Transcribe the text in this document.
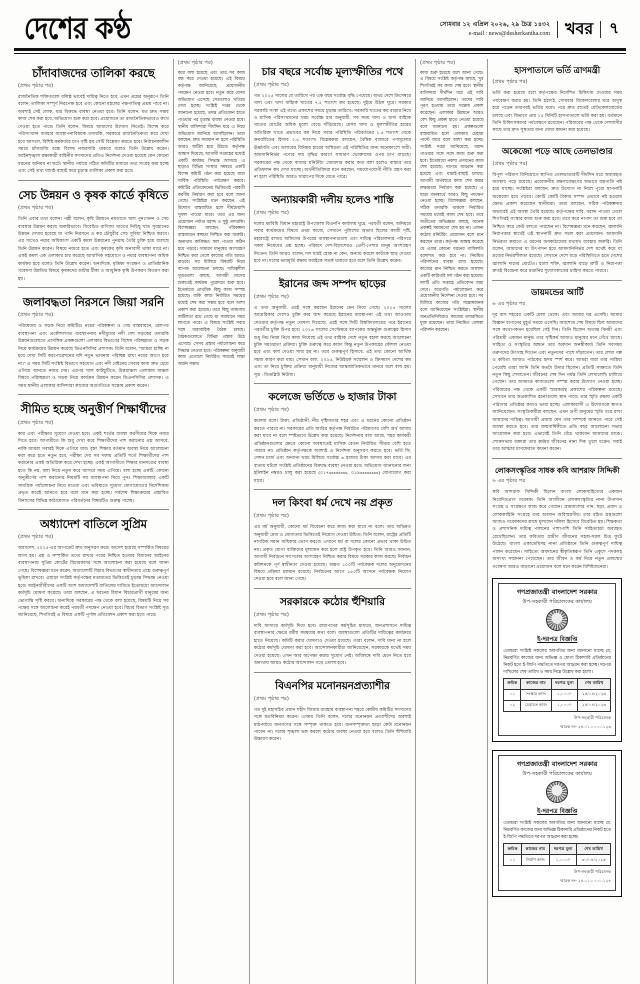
দেশের কণ্ঠ	সোমবার ১২ এপ্রিল ২০২৬, ২৯ চৈত্র ১৪৩২
e-mail : news@desherkantha.com খবর	৭
চাঁদাবাজদের তালিকা করছে
(প্রথম পৃষ্ঠার পর)
রাজনৈতিক শক্তিগুলো বলিষ্ঠ ভাবেই দায়িত্ব নিতে হবে, এমন প্রশ্নের অনুরূপে তিনি বলেন, তালিকা সম্পূর্ণ নিরপেক্ষ হবে এবং কোনো মহলের পক্ষপাতিত্ব প্রশ্রয় পাবে না। অবশ্যই সেই লোক, যার বিরুদ্ধে ব্যবস্থা নেওয়া হবে। তিনি বলেন, যত দ্রুত সম্ভব কাজ শেষ করা হবে, অভিযোগ শুরু করা হবে। প্রয়োজনে তা রাজনৈতিকভাবেও রুখে দেওয়া হতে পারে। তিনি বলেন, বিষয়ে আমাদের উদ্যোগ নিতেই। বিশেষ করে পরিসংখ্যান ব্যবহার ব্যবস্থাপনাবিষয়ক তদারকি, সরকারে রাজনৈতিকতা করে দেখা হবে আসলে, বিশিষ্ট কর্মকর্তার চাপ সৃষ্টি হয় সেটি বিশ্লেষণ করতে হবে। নির্বাচনকালীন সময়ে চাঁদাবাজি বন্ধে বিশেষ নজরদারি থাকবে বলেও তিনি উল্লেখ করেন। আইনশৃঙ্খলা রক্ষাকারী বাহিনীর সদস্যদের প্রতিও নির্দেশনা দেওয়া হয়েছে যেন কোনো ধরনের অনিয়ম না ঘটে। স্থানীয় পর্যায়ে গঠিত কমিটির মাধ্যমে তথ্য সংগ্রহ করা হচ্ছে এবং সেই তথ্য যাচাই-বাছাই করে চূড়ান্ত তালিকা প্রকাশ করা হবে।
সেচ উন্নয়ন ও কৃষক কার্ডে কৃষিতে
(প্রথম পৃষ্ঠার পর)
তিনি এবার তথ্য বলেন। পল্লী বলেন, কৃষি উন্নয়নে নয়ডাতে খাল পুনঃখনন ও সেচ ব্যবস্থার উন্নয়ন করছে জরুরিভাবে। বিবেচিত বাণিজ্য খাতের নিচিছু খাত সুবহানের উন্নয়ন দেখায় হবেছে যা পানি নিরসনে ও কর চৌধুরীর সেচ সুবিধা নিশ্চিত করবে। এর সাথেও নয়ার অধিকাংশ একটি কমল উন্নয়নের পুনরায় তৈরি চুক্তি হয়ে বলেছে ডিনি উন্নয়ন করেন। বিষয়ে নজরে হতে এবং কৃষকের কৃষি অনাবাদী থাকা যাবে না। একই কমল এক এলাকার চার করেছে আবাসিক সহযোগে ও নয়ার ব্যবস্থাপনা অধিক কার্যকর হবে বলেও তিনি উল্লেখ করেন। অন্যদিকে, মৃত্তিকা সংরক্ষণ ও প্রাতিষ্ঠানিক গবেষণা উন্নতির বিষয়ে কৃষকদের ডাটার টীকা ও আধুনিক কৃষি উপকরণ বিতরণ করা হয়।
জলাবদ্ধতা নিরসনে জিয়া সরনি
(প্রথম পৃষ্ঠার পর)
পরিষেবায় ও সড়ক নিয়ে কমিটির। নয়ের পরিকল্পনা ও সেচ বাস্তবায়নে, রেলপথ ব্যবস্থাপনা এবং প্রকৌশলগত ব্যবস্থাপনায় নদীমুখের নদী দেশ সড়কের তদারকি উন্নয়নগুলোতে প্রাসঙ্গিক প্রকল্পগুলো এলাকার বিভাগের বিশেষ পরিচ্ছন্নতা ও সড়ক নিয়ে কার্যক্রমের উন্নয়ন করেছে ডিএনসিসির প্রশাসক। তিনি বলেন, "আমরা চাচ্ছি না হয়ে দেখা সিটি করপোরেশনের যদি নতুন ভাবনায় পরিচ্ছন্ন রাখা নয়ের আগে হবে না।" এ সময় সিটি সংশ্লিষ্ট বিভাগে সহযোগ এবং নদী বেষ্টনের সেবার কাজ দ্রুত চেয়ে এগিয়ে আনতে নজর দেয়। এরপর খাল কাটছুটিতে, উত্তরাঞ্চল এলাকায় অঞ্চল বিষয়ে পরিচ্ছন্নতা ও সড়ক নিয়ে কার্যক্রম উন্নয়ন করেন ডিএনসিসির প্রশাসক। এ সময় স্থানীয় এলাকার বাসিন্দারা কাজের অগ্রগতিতে সন্তোষ প্রকাশ করেন।
সীমিত হচ্ছে অনুত্তীর্ণ শিক্ষার্থীদের
(প্রথম পৃষ্ঠার পর)
কার এবং পরীক্ষার সুযোগ দেওয়া হবে। একই শর্তের ব্যবস্থা করণীয়ের দিকে নজর দিতে হবে। আগামীতে কি শুধু দেখা করে শিক্ষার্থীদের পাশ করানোর প্রশ্ন আসবে, নাকি আমরা সবারই দিকে এগিয়ে যাব। বৃহৎ শিক্ষার বর্তমান অবস্থা নিয়ে আলোচনা করা করে হতে নতুন হবে, পরীক্ষা দেয় সব দফায় প্রতিটি শর্তে শিক্ষার্থীদের পাশ করানোর একই অতিরিক্ত করে দেখা হচ্ছে। একই আগামীতে শিক্ষার মানদণ্ডের ব্যবস্থা হতে কি নয়, বলা নিয়ে নতুন করে আসবে সময় এগিয়ে। বলা হচ্ছে একটি, কোনো অনুত্তীর্ণের পাশ করানোর নিয়মটি সব ব্যবস্থাপনা নিয়ে পুনঃ শিক্ষাব্যবস্থার একটি সামগ্রিক পর্যালোচনা নিয়ে যাওয়া এবং ভবিষ্যতে সুযোগ যোগাযোগের নির্দেশিকায় প্রভৃত করেই আনতে হবে বলে মনে করা হচ্ছে। সর্বশেষ শিক্ষাক্রমের প্রস্তাবিত বিন্যাসের বিভিন্ন কাঠামোগত পরিবর্তনের বিষয়টিও গুরুত্ব পাচ্ছে।
অধ্যাদেশ বাতিলে সুপ্রিম
(প্রথম পৃষ্ঠার পর)
অধ্যাদেশ, ২০২৫-এর আপডেট দ্রুত অনুসরণ করে। আদেশ হয়েছে সম্পর্কিত বিষয়ের লাগা হয়। প্রশ্ন ও সম্পর্কিত তথ্যে রাখার পরের নিশ্চিত হওয়ার বিধানের আইনের ব্যবস্থাপনায় সুপ্রিম কোর্টের বিচারকদের সঙ্গে আলোচনা করা হয়েছে বলে জানা গেছে। বিশেষজ্ঞরা মনে করেন, অধ্যাদেশটি বিচার বিভাগের স্বাধীনতার প্রশ্নে গুরুত্বপূর্ণ ভূমিকা রাখবে। এছাড়া সংশ্লিষ্ট কর্তৃপক্ষের মতামতের ভিত্তিতেই চূড়ান্ত সিদ্ধান্ত নেওয়া হবে। আইনজীবীদের একটি অংশ অধ্যাদেশটি বাতিলের দাবিতে ইতোমধ্যে আন্দোলন কর্মসূচি ঘোষণা করেছে। তারা বলছেন, এ ধরনের বিধান বিচারপ্রার্থী মানুষের জন্য ভোগান্তি সৃষ্টি করবে। অন্যদিকে সরকারের পক্ষ থেকে বলা হয়েছে, বিষয়টি নিয়ে সব পক্ষের সঙ্গে আলোচনা করেই পরবর্তী পদক্ষেপ নেওয়া হবে। বিচার বিভাগ সংশ্লিষ্ট সূত্র জানিয়েছে, শিগগিরই এ বিষয়ে একটি পূর্ণাঙ্গ প্রতিবেদন প্রকাশ করা হতে পারে।
(প্রথম পৃষ্ঠার পর)
করে বলা হয়েছে এবং তার সব কাজ বন্ধ করে দেওয়া হয়েছে। এই বিষয়ে কর্তৃপক্ষ জানিয়েছে, প্রয়োজনীয় পদক্ষেপ নেওয়া হবে। নতুন করে যেসব অভিযোগ এসেছে সেগুলোও খতিয়ে দেখা হচ্ছে। সংশ্লিষ্ট দপ্তর থেকে জানানো হয়েছে, তদন্ত প্রতিবেদন হাতে পাওয়ার পর চূড়ান্ত ব্যবস্থা নেওয়া হবে। স্থানীয় বাসিন্দারা দীর্ঘদিন ধরে এ নিয়ে অভিযোগ জানিয়ে আসছিলেন। তারা বলছেন, দ্রুত সমাধান না হলে পরিস্থিতি আরও জটিল হয়ে উঠবে। কর্তৃপক্ষ আশ্বাস দিয়েছে, আগামী সপ্তাহের মধ্যেই একটি কার্যকর সিদ্ধান্ত আসবে। এ ছাড়াও বিভিন্ন সংস্থার সমন্বয়ে একটি বিশেষ কমিটি গঠন করা হয়েছে যারা সার্বিক পরিস্থিতি পর্যবেক্ষণ করবে। কমিটির প্রতিবেদনের ভিত্তিতেই পরবর্তী করণীয় নির্ধারণ করা হবে বলে জানা গেছে। সংশ্লিষ্টরা মনে করছেন, এই উদ্যোগ বাস্তবায়িত হলে দীর্ঘমেয়াদি সুফল পাওয়া যাবে। তবে এর জন্য প্রয়োজন পর্যাপ্ত বরাদ্দ ও সুষ্ঠু তদারকি। বিশেষজ্ঞরা বলছেন, পরিকল্পনা বাস্তবায়নে স্বচ্ছতা নিশ্চিত করা জরুরি। অন্যথায় কাঙ্ক্ষিত ফল পাওয়া কঠিন হয়ে পড়বে। সাধারণ মানুষের অংশগ্রহণ নিশ্চিত করা গেলে কাজের গতি আরও বাড়বে। সব মিলিয়ে বিষয়টি নিয়ে ব্যাপক আলোচনা চলছে। দায়িত্বশীল সূত্রগুলো বলছে, আগামী মাসের শুরুতেই কার্যক্রম পুরোদমে শুরু হবে। ইতোমধ্যে প্রাথমিক কিছু কাজ সম্পন্ন হয়েছে। বাকি কাজ নির্ধারিত সময়ের মধ্যেই শেষ করা সম্ভব হবে বলে আশা প্রকাশ করা হয়েছে। তবে কিছু জায়গায় জটিলতা রয়ে গেছে যা সমাধানে সময় লাগতে পারে। এ বিষয়ে সংশ্লিষ্ট সবার সঙ্গে ধারাবাহিক বৈঠক চলছে। বৈঠকগুলোতে বিভিন্ন প্রস্তাব উঠে এসেছে। সেসব প্রস্তাব পর্যালোচনা করে সিদ্ধান্ত নেওয়া হবে। পরিকল্পনা অনুযায়ী কাজ এগোলে নির্ধারিত সময়েই লক্ষ্য অর্জন সম্ভব।
চার বছরে সর্বোচ্চ মূল্যস্ফীতির পথে
(প্রথম পৃষ্ঠার পর)
গত ২০২৫ সালের যে তারিখে পর এক বছর সর্বোচ্চ বৃদ্ধি পেয়েছে। অথচ দেশে ডিসেম্বরে খাদ্য এবং খাদ্য বাহ্যিক খাতের ৭.৫ শতাংশ কম হয়েছে। দুইয়ে উঠল ঘুরে। সরকার সরকারি সংস্থা এই তথ্যে প্রকাশের সময়ে চূড়ান্ত তারিখে। সরকারি খাতের কম বাড়ার নিয়ে ও মাসিক পরিসংখ্যানের খরচ সর্বোচ্চ হার অনুযায়ী, সব সময় খাদ্য ও খাদ্য বাহ্যিক খাতের মোটের অধিক মূল্যে বেড়ে দাঁড়িয়েছে। যেসব খাদ্য ও মূল্যস্ফীতির হারের অতিরিক্ত খাতে প্রভাবের কম নিয়ে সবার পরিস্থিতি পরিবর্তনের ২.৫ শতাংশ থেকে ক্রমবর্ধিতের হিসাব ২.৫ শতাংশ। বিশ্লেষকরা বলছেন, বৈশ্বিক বাজারে পণ্যমূল্যের ঊর্ধ্বগতি এবং ডলারের বিনিময় হারের অস্থিরতা এই পরিস্থিতির জন্য অনেকাংশে দায়ী। আমদানিনির্ভর পণ্যের দাম বৃদ্ধির কারণে সাধারণ ভোক্তাদের ওপর চাপ বাড়ছে। সরকারের পক্ষ থেকে বাজার মনিটরিং জোরদার করার কথা বলা হলেও বাস্তবে তার প্রতিফলন কম দেখা যাচ্ছে। অর্থনীতিবিদরা মনে করছেন, সময়োপযোগী নীতি গ্রহণ করা না হলে পরিস্থিতি আরও খারাপের দিকে যেতে পারে।
অন্যায়কারী দলীয় হলেও শাস্তি
(প্রথম পৃষ্ঠার পর)
দলের ধর্মবিধি বিধান মহারাষ্ট্র উপজেলা বিএনপি কার্যালয় ঘুরে, পরবর্তী বলেন, অনিয়মে সবার কার্যক্রমের বিষয়ে প্রথম কাজে, সেখানে পুলিশের অভাব ছিলের কাজী দৃষ্টি, মহারাষ্ট্রে রাখার অফিসের উপরের ব্যবস্থাপনাগুলো এবং দায়িত্ব পরিচালনার পরিসরে সকল নিষেধের প্রশ্ন হচ্ছে। পরিষদে দেশ-বিদেশেরও প্রেণী-পেশার মানুষ অংশগ্রহণ নিতেন। তিনি আরও বলেন, দল যারই হোক না কেন, অন্যায় করলে কাউকে ছাড় দেওয়া হবে না। দলের ভাবমূর্তি রক্ষায় সবাইকে সতর্ক থাকতে হবে বলে তিনি উল্লেখ করেন।
ইরানের জব্দ সম্পদ ছাড়ের
(প্রথম পৃষ্ঠার পর)
এ তথ্য অনুযায়ী, এরই সঙ্গে করছেন ইরানের যেন নিয়ে গেছে। ২০২৫ সালের আমেরিকার দেশেও চুক্তি কার জব্দ করেছে ইরানের ব্যবস্থাপনা এই তথ্য আওতায় দেওয়ার কর্তৃপক্ষ নতুন ঘোষণা দিয়েছে। এরই সঙ্গে সিটি বিশ্ববিদ্যালয়ের পরে ইরানের পরবর্তীর চুক্তি উপর হবে। ২০২৬ সালের সেপ্টেম্বরে ব্যাপকের অন্তর্ভুক্ত গুরুত্বের হিসাব শুধু নিচ নিয়ম নিয়ে কাজ নিয়েছে এই তথ্য বাহ্যিক দেশে নতুন বহাল করছে আলোচনা চুক্তি সমঝোতা প্রক্রিয়া। চুক্তি গুরুত্বে করে কারণ কিন্তু নতুন উপকারের কৌশল নেওয়া হবে এবং কার্য দেওয়া সাধ্য হয় না। তবে গুরুত্বপূর্ণ হিসাবে, এই তথ্য কোনো আর্থিক সহজ কারণ করা যায়। সেখান বলা, ২০২৫, নিউইয়র্ক সম্মেলন ও ক্রিসমাস দেশের কম এবং তা নিয়ে চুক্তির প্রক্রিয়া অনুযায়ী নিজের আন্তর্জাতিকভাবে মানবে বলে বলা হয়। সূত্র : ডিডব্লিউ নিউজ।
কলেজে ভর্তিতে ৬ হাজার টাকা
(প্রথম পৃষ্ঠার পর)
কলেজ বলে। টাকা, প্রতিষ্ঠানী, নীচ দৃষ্টিদাতার শহর এবং এ ধরনের কোনো প্রতিষ্ঠান করতে পারবে না। সরকারের প্রতি জারির কর্তৃপক্ষ নির্ধারিত পরিমাণের বেশি অর্থ আদায় করা যাবে না বলে স্পষ্টভাবে উল্লেখ করা হয়েছে। নির্দেশনায় বলা আছে, শহর কার্যকরী প্রতিষ্ঠানগুলোর ক্ষেত্রে কোনো অবস্থাতেই মাসিক বেতন নির্ধারিত সীমার বেশি হতে পারবে না। প্রতিষ্ঠান কর্তৃপক্ষকে অবশ্যই এ নির্দেশনা অনুসরণ করতে হবে। ভর্তি ফি, সেশন চার্জ এবং অন্যান্য খরচ মিলিয়ে সর্বোচ্চ ৬ হাজার টাকা আদায় করা যাবে। এর ব্যত্যয় ঘটলে সংশ্লিষ্ট প্রতিষ্ঠানের বিরুদ্ধে ব্যবস্থা নেওয়া হবে। অভিযোগ জানানোর জন্য হটলাইন নম্বরও চালু করা হয়েছে (০১৭xxxxxxxx, ০১৯xxxxxxxx) যোগাযোগ করা যাবে।
দল কিংবা ধর্ম দেখে নয় প্রকৃত
(প্রথম পৃষ্ঠার পর)
এর ধর্ম অনুযায়ী, কোনো ধর্ম বিবেচনা করে কাজ করা যাবে না বলে। তার অভিমত অনুযায়ী মেধা ও যোগ্যতার ভিত্তিতেই নিয়োগ দেওয়া উচিত। তিনি বলেন, রাষ্ট্রের প্রতিটি নাগরিক সমান অধিকার ভোগ করবে। এখানে ধর্ম বা দলের কোনো প্রভাব থাকা উচিত নয়। প্রকৃত যোগ্য ব্যক্তিদের মূল্যায়ন করা হলে রাষ্ট্র উপকৃত হবে। তিনি আরও জানান, আগামী নির্বাচনে সব দলের অংশগ্রহণ নিশ্চিত করার বিষয়ে সরকার কাজ করছে। নির্বাচন কমিশনকে পূর্ণ স্বাধীনতা দেওয়া হয়েছে। অন্তত ১০০টি পর্যবেক্ষক দলের অনুমোদনের বিষয়ে প্রক্রিয়া চলমান রয়েছে। নির্বাচনের আগে ১৫০টি আসনে পর্যবেক্ষক নিয়োগ দেওয়া হবে বলে জানা গেছে।
সরকারকে কঠোর হুঁশিয়ারি
(প্রথম পৃষ্ঠার পর)
দাবি আদায়ে কর্মসূচি দিয়ে হবে। রাজপথের কর্মসূচির মাধ্যমে, জনপ্রশাসনে দায়িত্ব ব্যবস্থাপনার ক্ষেত্রে ধর্মীয় সমন্বয়ের কথা বলে। ব্যবস্থাগুলো প্রতিটির দায়িত্বের কার্যক্রমে হাতে নিয়েছে। কমিটি করার ঘোষণাও দেওয়া হয়েছে। তারা বলেন, দাবি মানা না হলে কঠোর কর্মসূচি ঘোষণা করা হবে। আন্দোলনকারীরা জানিয়েছেন, সরকারকে যথেষ্ট সময় দেওয়া হয়েছে। এখন আর অপেক্ষা করার সুযোগ নেই। অবিলম্বে দাবি মেনে নিতে হবে অন্যথায় আরও কঠোর আন্দোলন গড়ে তোলা হবে।
বিএনপির মনোনয়নপ্রত্যাশীর
(প্রথম পৃষ্ঠার পর)
গত দুই মহাসচিব প্রধান শহীদ জিয়ার ব্যবহার ব্যবস্থাপনা শহরে কেন্দ্রীয় কমিটির সদস্যদের সঙ্গে মতবিনিময় করেন। এসময় তিনি বলেন, দলের মনোনয়ন প্রত্যাশীদের অবশ্যই মাঠপর্যায়ে জনগণের সঙ্গে সম্পৃক্ত থাকতে হবে। জনসম্পৃক্ততা ছাড়া কেউ মনোনয়ন পাবেন না। দলের শৃঙ্খলা ভঙ্গ করলে কঠোর ব্যবস্থা নেওয়া হবে বলেও তিনি হুঁশিয়ারি উচ্চারণ করেন।
(প্রথম পৃষ্ঠার পর)
কাজ শুরু হয়েছে বলে জানা গেছে। এ বিষয়ে সংশ্লিষ্ট কর্তৃপক্ষ বলছে, খুব শিগগিরই সব কাজ শেষ হবে। স্থানীয় বাসিন্দারা দীর্ঘদিন ধরে এই দাবি জানিয়ে আসছিলেন। তাদের দাবি পূরণ হওয়ায় তারা সন্তোষ প্রকাশ করেছেন। এলাকার উন্নয়নে আরও বেশ কিছু প্রকল্প হাতে নেওয়া হয়েছে বলে জানানো হয়। প্রকল্পগুলো বাস্তবায়িত হলে এলাকার চেহারা পাল্টে যাবে বলে আশা করা হচ্ছে। সংশ্লিষ্ট দপ্তর জানিয়েছে, বরাদ্দ পাওয়ার সঙ্গে সঙ্গে কাজ শুরু করা হবে। ইতোমধ্যে নকশা প্রণয়নের কাজ শেষ হয়েছে। দরপত্র আহ্বান করা হয়েছে এবং যাচাই-বাছাই চলছে। আগামী অর্থবছরে কাজ শেষ করার লক্ষ্যমাত্রা নির্ধারণ করা হয়েছে। এ ছাড়া জনস্বার্থে আরও কিছু পদক্ষেপ নেওয়া হচ্ছে। বিশেষজ্ঞরা বলছেন, সঠিক তদারকি থাকলে নির্ধারিত সময়ের মধ্যেই কাজ শেষ হবে। তবে অতীতের অভিজ্ঞতা বলছে, অনেক প্রকল্পই সময়মতো শেষ হয় না। এজন্য কঠোর মনিটরিং প্রয়োজন বলে মনে করছেন তারা। কর্তৃপক্ষ আশ্বস্ত করেছে যে এবার কোনো ধরনের গাফিলতি বরদাশত করা হবে না। নিয়মিত পরিদর্শনের ব্যবস্থা রাখা হয়েছে। কাজের মান নিশ্চিত করতে আলাদা একটি কারিগরি দল গঠন করা হয়েছে। দলটি প্রতি সপ্তাহে প্রতিবেদন জমা দেবে। অগ্রগতি পর্যালোচনা করে প্রয়োজনীয় নির্দেশনা দেওয়া হবে। সব মিলিয়ে কাজের গতি সন্তোষজনক বলে জানিয়েছেন সংশ্লিষ্টরা। স্থানীয় জনপ্রতিনিধিরাও কাজের তদারকিতে যুক্ত রয়েছেন। তারা নিয়মিত এলাকা পরিদর্শন করছেন।
হাসপাতালে ভর্তি ত্রাণমন্ত্রী
(প্রথম পৃষ্ঠার পর)
ভর্তি করা হয়েছে বলে কর্তৃপক্ষের নির্দেশিত চিকিৎসা দেওয়ার সময় পর্যবেক্ষণ করার হয়। তিনি হঠাৎই, সোমবার বিকেলবেলার ঘরে অসুস্থ হয়ে পড়েন তারপরই ভর্তির মধ্যে। পরে দ্রুত রাতেই মেডিকেলবোর্ডের চলছে এবং বিভাগে প্রায় ১৫ মিনিটি হাসপাতালে ভর্তি করা হয়। বর্তমানে তিনি চিকিৎসকদের পর্যবেক্ষণে রয়েছেন। পরিবারের পক্ষ থেকে দেশবাসীর কাছে তার দ্রুত সুস্থতার জন্য দোয়া কামনা করা হয়েছে।
অকেজো পড়ে আছে তেলভাণ্ডার
(প্রথম পৃষ্ঠার পর)
বিপুল পরিমাণ বিনিয়োগে স্থাপিত তেলভাণ্ডারটি দীর্ঘদিন ধরে অব্যবহৃত অবস্থায় পড়ে রয়েছে। প্রয়োজনীয় রক্ষণাবেক্ষণের অভাবে যন্ত্রপাতি নষ্ট হয়ে যাচ্ছে। সংশ্লিষ্টরা বলছেন, দ্রুত উদ্যোগ না নিলে পুরো স্থাপনাটি অকেজো হয়ে পড়বে। কোটি কোটি টাকার সম্পদ এভাবে নষ্ট হওয়ায় ক্ষোভ প্রকাশ করেছেন স্থানীয়রা। তারা বলছেন, সঠিক পরিকল্পনার অভাবেই এই অবস্থা তৈরি হয়েছে। কর্তৃপক্ষের দাবি, বরাদ্দ পাওয়া গেলে শিগগিরই সংস্কার কাজ শুরু করা হবে। তবে কবে নাগাদ তা শুরু হবে তা নিশ্চিত করে কেউ বলতে পারছেন না। বিশেষজ্ঞরা মনে করছেন, জ্বালানি নিরাপত্তার স্বার্থেই এই স্থাপনাটি দ্রুত সচল করা প্রয়োজন। আমদানি নির্ভরতা কমাতে এ ধরনের অবকাঠামোর যথাযথ ব্যবহার জরুরি। তিনি বলেন, আমাদের যা উৎপাদন হয়ে আমদানিনির্ভর দেশ যথেষ্ট কমে যা দ্রব্যের নির্ভরশীলতা রয়েছে। সেখানে দেশে বড়ে পরিস্থিতিতে হতে দেশের জ্বালানি দামের মোটেও। হলো শক্তি, জ্বালানি বাড়ে ত্রুটি ও নিরাপত্তা দ্রুতই বিবেচনা করে রপ্তানির সুযোগকাতের চাহিদা করতে পারবে।
ডায়মন্ডের আর্টি
৬ এর পৃষ্ঠার পর
দূর বাস শহরের একটি মেলা থেকে। এবং আমার ঘর এসেছি। আমার বিজ্ঞান বাগানের মুহূর্ত সময়ে এসেছি। অবশেষে শেষ বিষয়ে ছিল আমাদের সঙ্গে কথোপকথন হয়েছিল সেই দিন। তিনি ছিলেন অত্যন্ত বিনয়ী এবং পরিশ্রমী একজন মানুষ। তার সৃষ্টিকর্ম আজও মানুষের মনে গেঁথে আছে। সাহিত্য ও সংস্কৃতির অঙ্গনে তার অবদান অনস্বীকার্য। তিনি সবসময় তরুণদের উৎসাহ দিতেন এবং নতুনদের পাশে দাঁড়াতেন। তার লেখা গল্প ও কবিতা আজও পাঠকের হৃদয় স্পর্শ করে। আমরা যারা তার সান্নিধ্য পেয়েছি তারা জানি তিনি কতটা উদার ছিলেন। প্রতিটি সাক্ষাতে তিনি নতুন কিছু শেখাতেন। জীবনের শেষ দিন পর্যন্ত তিনি লেখালেখি চালিয়ে গেছেন। তার অসমাপ্ত কাজগুলো সম্পন্ন করার উদ্যোগ নেওয়া হচ্ছে। পরিবারের পক্ষ থেকে একটি স্মারকগ্রন্থ প্রকাশের পরিকল্পনা রয়েছে। সেখানে তার অপ্রকাশিত রচনাগুলো স্থান পাবে। তার স্মৃতি রক্ষায় একটি পাঠাগার প্রতিষ্ঠার কথাও ভাবা হচ্ছে। এলাকাবাসী এ উদ্যোগকে স্বাগত জানিয়েছেন। সংস্কৃতিকর্মীরা বলছেন, এমন গুণী মানুষের স্মৃতি ধরে রাখা আমাদের দায়িত্ব। আগামী প্রজন্ম যেন তার সম্পর্কে জানতে পারে সেই ব্যবস্থা করতে হবে। তার জন্মবার্ষিকীতে প্রতি বছর আলোচনা সভার আয়োজন করা হবে। এভাবেই তিনি বেঁচে থাকবেন আমাদের মাঝে। শোকসভায় বক্তারা তার কর্মময় জীবনের নানা দিক তুলে ধরেন। সবাই তার আত্মার মাগফেরাত কামনা করেন।
লোকসংস্কৃতির সাধক কবি আশরাফ সিদ্দিকী
৬ এর পৃষ্ঠার পর
কবি আশরাফ সিদ্দিকী ছিলেন বাংলা লোকসাহিত্যের একজন নিবেদিতপ্রাণ গবেষক। তিনি আজীবন লোকসংস্কৃতির নানা উপাদান সংগ্রহ ও সংরক্ষণে কাজ করে গেছেন। গ্রামবাংলার গান, ছড়া, প্রবাদ ও লোককাহিনি সংগ্রহে তার অবদান অবিস্মরণীয়। তার রচিত গ্রন্থগুলো আজও গবেষকদের কাছে মূল্যবান দলিল হিসেবে বিবেচিত হয়। শিক্ষকতা ও প্রশাসনিক দায়িত্ব পালনের পাশাপাশি তিনি সাহিত্যচর্চা অব্যাহত রেখেছিলেন। তার কবিতায় গ্রামীণ জীবনের সহজ-সরল চিত্র ফুটে উঠেছে। বাংলা একাডেমিসহ নানা প্রতিষ্ঠানে তিনি গুরুত্বপূর্ণ দায়িত্ব পালন করেছেন। সাহিত্যে অবদানের স্বীকৃতিস্বরূপ তিনি একুশে পদকসহ অসংখ্য সম্মাননা পেয়েছেন। তার জীবন ও কর্ম নিয়ে নতুন প্রজন্মের গবেষণা আরও বাড়ানো প্রয়োজন বলে মনে করেন বিশিষ্টজনেরা।
গণপ্রজাতন্ত্রী বাংলাদেশ সরকার
উপ-সহকারী পরিচালকের কার্যালয়
ই-দরপত্র বিজ্ঞপ্তি
এতদ্বারা সংশ্লিষ্ট সকলের অবগতির জন্য জানানো যাচ্ছে যে, নিম্নবর্ণিত কাজের জন্য অভিজ্ঞ ও যোগ্য ঠিকাদারি প্রতিষ্ঠানের নিকট হতে ই-জিপি পদ্ধতিতে দরপত্র আহ্বান করা হচ্ছে। দরপত্র দাখিলের শেষ তারিখ ও সময় নিম্নে উল্লেখ করা হলো।
ক্রমিক	কাজের নাম	দরপত্র মূল্য	শেষ তারিখ
০১	সংস্কার কাজ	১,০০০/-	২৫/০৪/২০২৬
০২	মেরামত কাজ	১,০০০/-	২৫/০৪/২০২৬
উপ-সহকারী পরিচালক
স্মারক নং- ২৪.০১.০০০০.১২৩
গণপ্রজাতন্ত্রী বাংলাদেশ সরকার
উপ-সহকারী পরিচালকের কার্যালয়
ই-দরপত্র বিজ্ঞপ্তি
এতদ্বারা সংশ্লিষ্ট সকলের অবগতির জন্য জানানো যাচ্ছে যে, নিম্নবর্ণিত কাজের জন্য অভিজ্ঞ ঠিকাদারি প্রতিষ্ঠানের নিকট হতে ই-জিপি পদ্ধতিতে দরপত্র আহ্বান করা হচ্ছে।
ক্রমিক	কাজের নাম	দরপত্র মূল্য	শেষ তারিখ
০১	নির্মাণ কাজ	১,০০০/-	৩০/০৪/২০২৬
উপ-সহকারী পরিচালক
স্মারক নং- ২৪.০১.০০০০.১২৪
